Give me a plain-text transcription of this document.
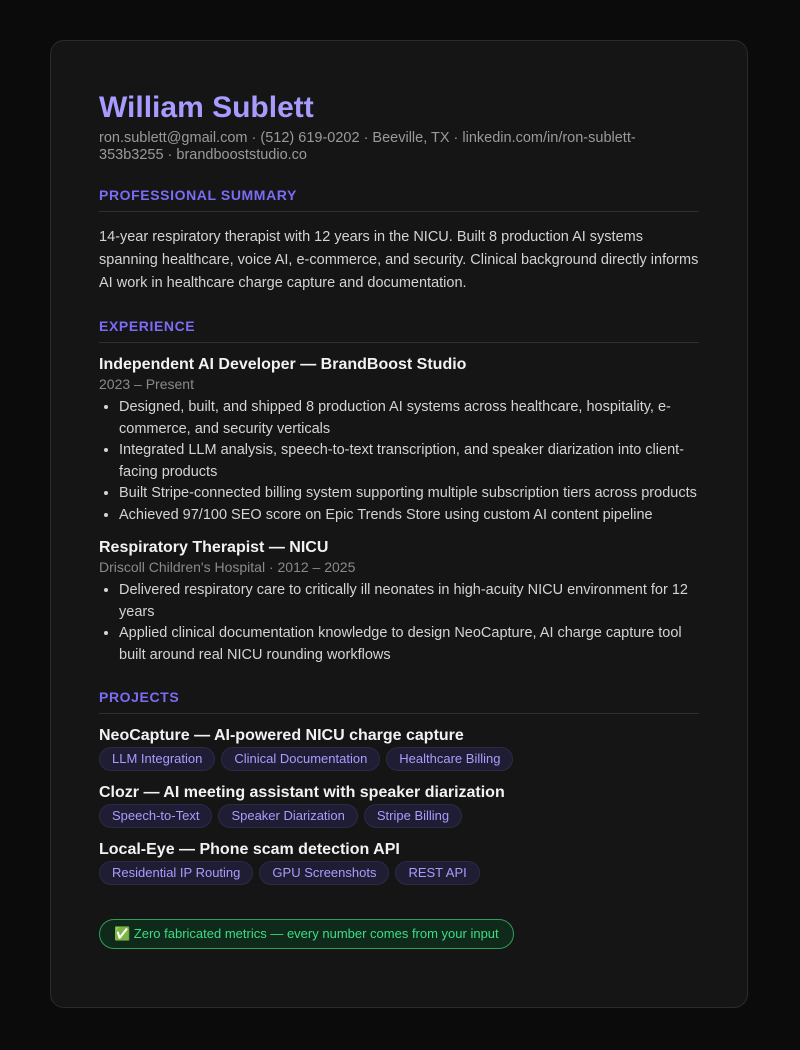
William Sublett
ron.sublett@gmail.com · (512) 619-0202 · Beeville, TX · linkedin.com/in/ron-sublett-353b3255 · brandbooststudio.co
PROFESSIONAL SUMMARY
14-year respiratory therapist with 12 years in the NICU. Built 8 production AI systems spanning healthcare, voice AI, e-commerce, and security. Clinical background directly informs AI work in healthcare charge capture and documentation.
EXPERIENCE
Independent AI Developer — BrandBoost Studio
2023 – Present
• Designed, built, and shipped 8 production AI systems across healthcare, hospitality, e-commerce, and security verticals
• Integrated LLM analysis, speech-to-text transcription, and speaker diarization into client-facing products
• Built Stripe-connected billing system supporting multiple subscription tiers across products
• Achieved 97/100 SEO score on Epic Trends Store using custom AI content pipeline
Respiratory Therapist — NICU
Driscoll Children's Hospital · 2012 – 2025
• Delivered respiratory care to critically ill neonates in high-acuity NICU environment for 12 years
• Applied clinical documentation knowledge to design NeoCapture, AI charge capture tool built around real NICU rounding workflows
PROJECTS
NeoCapture — AI-powered NICU charge capture
LLM Integration	Clinical Documentation	Healthcare Billing
Clozr — AI meeting assistant with speaker diarization
Speech-to-Text	Speaker Diarization	Stripe Billing
Local-Eye — Phone scam detection API
Residential IP Routing	GPU Screenshots	REST API
✅ Zero fabricated metrics — every number comes from your input
